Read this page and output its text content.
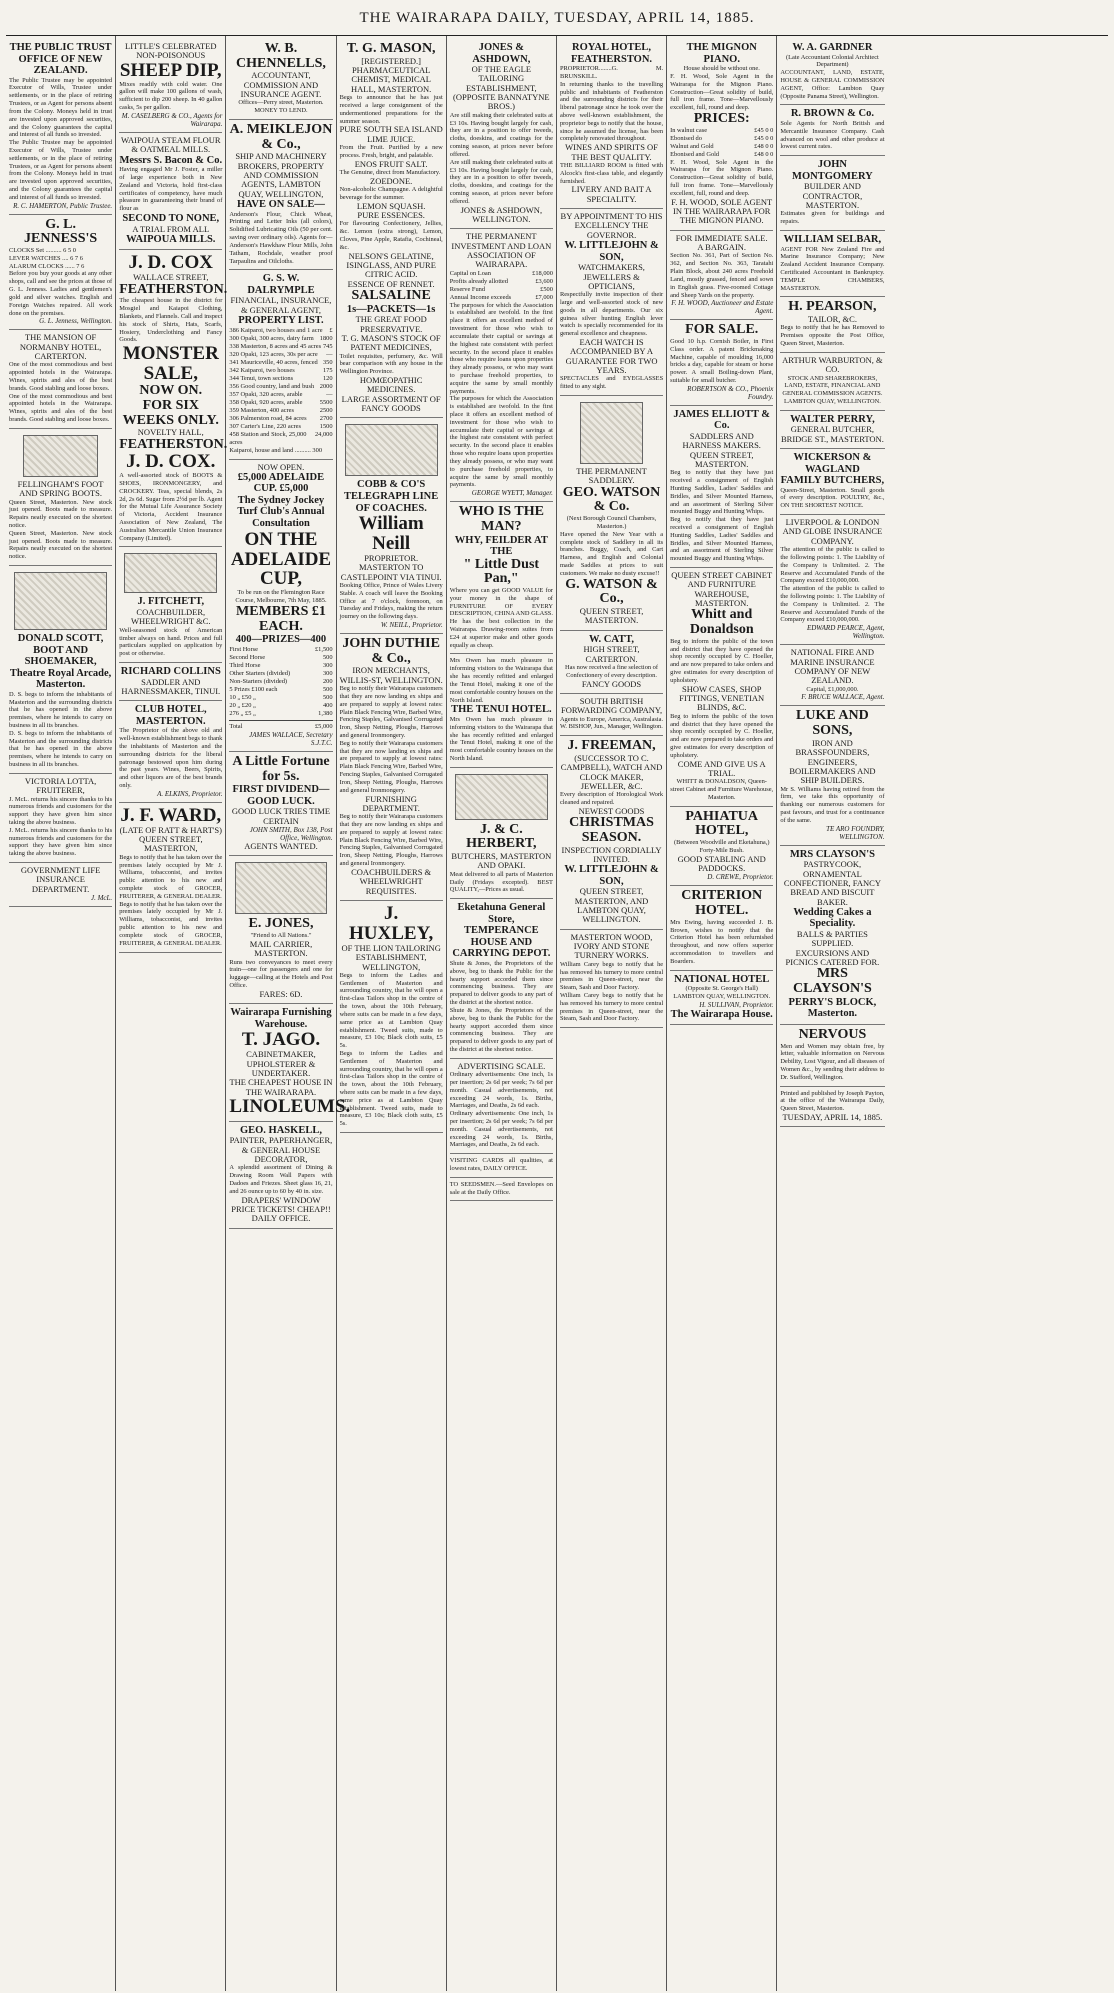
THE WAIRARAPA DAILY, TUESDAY, APRIL 14, 1885.
THE PUBLIC TRUST OFFICE OF NEW ZEALAND.
The Public Trustee may be appointed Executor of Wills, Trustee under settlements, or in the place of retiring Trustees, or as Agent for persons absent from the Colony. Moneys held in trust are invested upon approved securities, and the Colony guarantees the capital and interest of all funds so invested.
The Public Trustee may be appointed Executor of Wills, Trustee under settlements, or in the place of retiring Trustees, or as Agent for persons absent from the Colony. Moneys held in trust are invested upon approved securities, and the Colony guarantees the capital and interest of all funds so invested.
R. C. HAMERTON, Public Trustee.
G. L. JENNESS'S
CLOCKS Set .......... 6 5 0
LEVER WATCHES .... 6 7 6
ALARUM CLOCKS ...... 7 6
Before you buy your goods at any other shops, call and see the prices at those of G. L. Jenness. Ladies and gentlemen's gold and silver watches. English and Foreign Watches repaired. All work done on the premises.
G. L. Jenness, Wellington.
THE MANSION OF NORMANBY HOTEL, CARTERTON.
One of the most commodious and best appointed hotels in the Wairarapa. Wines, spirits and ales of the best brands. Good stabling and loose boxes.
One of the most commodious and best appointed hotels in the Wairarapa. Wines, spirits and ales of the best brands. Good stabling and loose boxes.
FELLINGHAM'S FOOT AND SPRING BOOTS.
Queen Street, Masterton. New stock just opened. Boots made to measure. Repairs neatly executed on the shortest notice.
Queen Street, Masterton. New stock just opened. Boots made to measure. Repairs neatly executed on the shortest notice.
DONALD SCOTT, BOOT AND SHOEMAKER,
Theatre Royal Arcade, Masterton.
D. S. begs to inform the inhabitants of Masterton and the surrounding districts that he has opened in the above premises, where he intends to carry on business in all its branches.
D. S. begs to inform the inhabitants of Masterton and the surrounding districts that he has opened in the above premises, where he intends to carry on business in all its branches.
VICTORIA LOTTA, FRUITERER,
J. McL. returns his sincere thanks to his numerous friends and customers for the support they have given him since taking the above business.
J. McL. returns his sincere thanks to his numerous friends and customers for the support they have given him since taking the above business.
GOVERNMENT LIFE INSURANCE DEPARTMENT.
J. McL.
LITTLE'S CELEBRATED NON-POISONOUS
SHEEP DIP,
Mixes readily with cold water. One gallon will make 100 gallons of wash, sufficient to dip 200 sheep. In 40 gallon casks, 5s per gallon.
M. CASELBERG & CO., Agents for Wairarapa.
WAIPOUA STEAM FLOUR & OATMEAL MILLS.
Messrs S. Bacon & Co.
Having engaged Mr J. Foster, a miller of large experience both in New Zealand and Victoria, hold first-class certificates of competency, have much pleasure in guaranteeing their brand of flour as
SECOND TO NONE,
A TRIAL FROM ALL
WAIPOUA MILLS.
J. D. COX
WALLACE STREET,
FEATHERSTON.
The cheapest house in the district for Mosgiel and Kaiapoi Clothing, Blankets, and Flannels. Call and inspect his stock of Shirts, Hats, Scarfs, Hosiery, Underclothing and Fancy Goods.
MONSTER SALE,
NOW ON.
FOR SIX WEEKS ONLY.
NOVELTY HALL,
FEATHERSTON.
J. D. COX.
A well-assorted stock of BOOTS & SHOES, IRONMONGERY, and CROCKERY. Teas, special blends, 2s 2d, 2s 6d. Sugar from 2½d per lb. Agent for the Mutual Life Assurance Society of Victoria, Accident Insurance Association of New Zealand, The Australian Mercantile Union Insurance Company (Limited).
J. FITCHETT,
COACHBUILDER, WHEELWRIGHT &C.
Well-seasoned stock of American timber always on hand. Prices and full particulars supplied on application by post or otherwise.
RICHARD COLLINS
SADDLER AND HARNESSMAKER, TINUI.
CLUB HOTEL, MASTERTON.
The Proprietor of the above old and well-known establishment begs to thank the inhabitants of Masterton and the surrounding districts for the liberal patronage bestowed upon him during the past years. Wines, Beers, Spirits, and other liquors are of the best brands only.
A. ELKINS, Proprietor.
J. F. WARD,
(LATE OF RATT & HART'S) QUEEN STREET, MASTERTON,
Begs to notify that he has taken over the premises lately occupied by Mr J. Williams, tobacconist, and invites public attention to his new and complete stock of GROCER, FRUITERER, & GENERAL DEALER.
Begs to notify that he has taken over the premises lately occupied by Mr J. Williams, tobacconist, and invites public attention to his new and complete stock of GROCER, FRUITERER, & GENERAL DEALER.
W. B. CHENNELLS,
ACCOUNTANT, COMMISSION AND INSURANCE AGENT.
Offices—Perry street, Masterton. MONEY TO LEND.
A. MEIKLEJON & Co.,
SHIP AND MACHINERY BROKERS, PROPERTY AND COMMISSION AGENTS, LAMBTON QUAY, WELLINGTON,
HAVE ON SALE—
Anderson's Flour, Chick Wheat, Printing and Letter Inks (all colors), Solidified Lubricating Oils (50 per cent. saving over ordinary oils). Agents for—Anderson's Hawkhaw Flour Mills, John Tatham, Rochdale, weather proof Tarpaulins and Oilcloths.
G. S. W. DALRYMPLE
FINANCIAL, INSURANCE, & GENERAL AGENT,
PROPERTY LIST.
386 Kaiparoi, two houses and 1 acre £
300 Opaki, 300 acres, dairy farm 1800
338 Masterton, 8 acres and 45 acres 745
320 Opaki, 123 acres, 30s per acre —
341 Mauriceville, 40 acres, fenced 350
342 Kaiparoi, two houses	175
344 Tenui, town sections	120
356 Good country, land and bush 2000
357 Opaki, 320 acres, arable	—
358 Opaki, 920 acres, arable	5500
359 Masterton, 400 acres	2500
306 Palmerston road, 84 acres 2700
307 Carter's Line, 220 acres	1500
458 Station and Stock, 25,000 acres
24,000
Kaiparoi, house and land .......... 300
NOW OPEN.
£5,000 ADELAIDE CUP. £5,000
The Sydney Jockey Turf Club's Annual Consultation
ON THE ADELAIDE CUP,
To be run on the Flemington Race Course, Melbourne, 7th May, 1885.
MEMBERS £1 EACH.
400—PRIZES—400
First Horse	£1,500
Second Horse	500
Third Horse	300
Other Starters (divided)	300
Non-Starters (divided)	200
5 Prizes £100 each	500
10 „ £50 „	500
20 „ £20 „	400
276 „ £5 „	1,380
Total	£5,000
JAMES WALLACE, Secretary S.J.T.C.
A Little Fortune for 5s.
FIRST DIVIDEND—
GOOD LUCK.
GOOD LUCK TRIES TIME CERTAIN
JOHN SMITH, Box 138, Post Office, Wellington.
AGENTS WANTED.
E. JONES,
"Friend to All Nations."
MAIL CARRIER, MASTERTON.
Runs two conveyances to meet every train—one for passengers and one for luggage—calling at the Hotels and Post Office.
FARES: 6D.
Wairarapa Furnishing Warehouse.
T. JAGO.
CABINETMAKER, UPHOLSTERER & UNDERTAKER.
THE CHEAPEST HOUSE IN THE WAIRARAPA.
LINOLEUMS.
GEO. HASKELL,
PAINTER, PAPERHANGER, & GENERAL HOUSE DECORATOR,
A splendid assortment of Dining & Drawing Room Wall Papers with Dadoes and Friezes. Sheet glass 16, 21, and 26 ounce up to 60 by 40 in. size.
DRAPERS' WINDOW PRICE TICKETS! CHEAP!! DAILY OFFICE.
T. G. MASON,
[REGISTERED.] PHARMACEUTICAL CHEMIST, MEDICAL HALL, MASTERTON.
Begs to announce that he has just received a large consignment of the undermentioned preparations for the summer season.
PURE SOUTH SEA ISLAND LIME JUICE.
From the Fruit. Purified by a new process. Fresh, bright, and palatable.
ENOS FRUIT SALT.
The Genuine, direct from Manufactory.
ZOEDONE.
Non-alcoholic Champagne. A delightful beverage for the summer.
LEMON SQUASH.
PURE ESSENCES.
For flavouring Confectionery, Jellies, &c. Lemon (extra strong), Lemon, Cloves, Pine Apple, Ratafia, Cochineal, &c.
NELSON'S GELATINE, ISINGLASS, AND PURE CITRIC ACID.
ESSENCE OF RENNET.
SALSALINE
1s—PACKETS—1s
THE GREAT FOOD PRESERVATIVE.
T. G. MASON'S STOCK OF PATENT MEDICINES,
Toilet requisites, perfumery, &c. Will bear comparison with any house in the Wellington Province.
HOMŒOPATHIC MEDICINES.
LARGE ASSORTMENT OF FANCY GOODS
COBB & CO'S TELEGRAPH LINE OF COACHES.
William Neill
PROPRIETOR.
MASTERTON TO CASTLEPOINT VIA TINUI.
Booking Office, Prince of Wales Livery Stable. A coach will leave the Booking Office at 7 o'clock, forenoon, on Tuesday and Fridays, making the return journey on the following days.
W. NEILL, Proprietor.
JOHN DUTHIE & Co.,
IRON MERCHANTS, WILLIS-ST, WELLINGTON.
Beg to notify their Wairarapa customers that they are now landing ex ships and are prepared to supply at lowest rates: Plain Black Fencing Wire, Barbed Wire, Fencing Staples, Galvanised Corrugated Iron, Sheep Netting, Ploughs, Harrows and general Ironmongery.
Beg to notify their Wairarapa customers that they are now landing ex ships and are prepared to supply at lowest rates: Plain Black Fencing Wire, Barbed Wire, Fencing Staples, Galvanised Corrugated Iron, Sheep Netting, Ploughs, Harrows and general Ironmongery.
FURNISHING DEPARTMENT.
Beg to notify their Wairarapa customers that they are now landing ex ships and are prepared to supply at lowest rates: Plain Black Fencing Wire, Barbed Wire, Fencing Staples, Galvanised Corrugated Iron, Sheep Netting, Ploughs, Harrows and general Ironmongery.
COACHBUILDERS & WHEELWRIGHT REQUISITES.
J. HUXLEY,
OF THE LION TAILORING ESTABLISHMENT, WELLINGTON,
Begs to inform the Ladies and Gentlemen of Masterton and surrounding country, that he will open a first-class Tailors shop in the centre of the town, about the 10th February, where suits can be made in a few days, same price as at Lambton Quay establishment. Tweed suits, made to measure, £3 10s; Black cloth suits, £5 5s.
Begs to inform the Ladies and Gentlemen of Masterton and surrounding country, that he will open a first-class Tailors shop in the centre of the town, about the 10th February, where suits can be made in a few days, same price as at Lambton Quay establishment. Tweed suits, made to measure, £3 10s; Black cloth suits, £5 5s.
JONES & ASHDOWN,
OF THE EAGLE TAILORING ESTABLISHMENT, (OPPOSITE BANNATYNE BROS.)
Are still making their celebrated suits at £3 10s. Having bought largely for cash, they are in a position to offer tweeds, cloths, doeskins, and coatings for the coming season, at prices never before offered.
Are still making their celebrated suits at £3 10s. Having bought largely for cash, they are in a position to offer tweeds, cloths, doeskins, and coatings for the coming season, at prices never before offered.
JONES & ASHDOWN, WELLINGTON.
THE PERMANENT INVESTMENT AND LOAN ASSOCIATION OF WAIRARAPA.
Capital on Loan	£18,000
Profits already allotted	£3,600
Reserve Fund	£500
Annual Income exceeds	£7,000
The purposes for which the Association is established are twofold. In the first place it offers an excellent method of investment for those who wish to accumulate their capital or savings at the highest rate consistent with perfect security. In the second place it enables those who require loans upon properties they already possess, or who may want to purchase freehold properties, to acquire the same by small monthly payments.
The purposes for which the Association is established are twofold. In the first place it offers an excellent method of investment for those who wish to accumulate their capital or savings at the highest rate consistent with perfect security. In the second place it enables those who require loans upon properties they already possess, or who may want to purchase freehold properties, to acquire the same by small monthly payments.
GEORGE WYETT, Manager.
WHO IS THE MAN?
WHY, FEILDER AT THE
" Little Dust Pan,"
Where you can get GOOD VALUE for your money in the shape of FURNITURE OF EVERY DESCRIPTION, CHINA AND GLASS. He has the best collection in the Wairarapa. Drawing-room suites from £24 at superior make and other goods equally as cheap.
Mrs Owen has much pleasure in informing visitors to the Wairarapa that she has recently refitted and enlarged the Tenui Hotel, making it one of the most comfortable country houses on the North Island.
THE TENUI HOTEL.
Mrs Owen has much pleasure in informing visitors to the Wairarapa that she has recently refitted and enlarged the Tenui Hotel, making it one of the most comfortable country houses on the North Island.
J. & C. HERBERT,
BUTCHERS, MASTERTON AND OPAKI.
Meat delivered to all parts of Masterton Daily (Fridays excepted). BEST QUALITY,—Prices as usual.
Eketahuna General Store, TEMPERANCE HOUSE AND CARRYING DEPOT.
Shute & Jones, the Proprietors of the above, beg to thank the Public for the hearty support accorded them since commencing business. They are prepared to deliver goods to any part of the district at the shortest notice.
Shute & Jones, the Proprietors of the above, beg to thank the Public for the hearty support accorded them since commencing business. They are prepared to deliver goods to any part of the district at the shortest notice.
ADVERTISING SCALE.
Ordinary advertisements: One inch, 1s per insertion; 2s 6d per week; 7s 6d per month. Casual advertisements, not exceeding 24 words, 1s. Births, Marriages, and Deaths, 2s 6d each.
Ordinary advertisements: One inch, 1s per insertion; 2s 6d per week; 7s 6d per month. Casual advertisements, not exceeding 24 words, 1s. Births, Marriages, and Deaths, 2s 6d each.
VISITING CARDS all qualities, at lowest rates, DAILY OFFICE.
TO SEEDSMEN.—Seed Envelopes on sale at the Daily Office.
ROYAL HOTEL, FEATHERSTON.
PROPRIETOR........G. M. BRUNSKILL.
In returning thanks to the travelling public and inhabitants of Featherston and the surrounding districts for their liberal patronage since he took over the above well-known establishment, the proprietor begs to notify that the house, since he assumed the license, has been completely renovated throughout.
WINES AND SPIRITS OF THE BEST QUALITY.
THE BILLIARD ROOM is fitted with Alcock's first-class table, and elegantly furnished.
LIVERY AND BAIT A SPECIALITY.
BY APPOINTMENT TO HIS EXCELLENCY THE GOVERNOR.
W. LITTLEJOHN & SON,
WATCHMAKERS, JEWELLERS & OPTICIANS,
Respectfully invite inspection of their large and well-assorted stock of new goods in all departments. Our six guinea silver hunting English lever watch is specially recommended for its general excellence and cheapness.
EACH WATCH IS ACCOMPANIED BY A GUARANTEE FOR TWO YEARS.
SPECTACLES and EYEGLASSES fitted to any sight.
THE PERMANENT SADDLERY.
GEO. WATSON & Co.
(Next Borough Council Chambers, Masterton.)
Have opened the New Year with a complete stock of Saddlery in all its branches. Buggy, Coach, and Cart Harness, and English and Colonial made Saddles at prices to suit customers. We make no dusty excuse!!
G. WATSON & Co.,
QUEEN STREET, MASTERTON.
W. CATT,
HIGH STREET, CARTERTON.
Has now received a fine selection of Confectionery of every description.
FANCY GOODS
SOUTH BRITISH FORWARDING COMPANY,
Agents to Europe, America, Australasia. W. BISHOP, Jun., Manager, Wellington.
J. FREEMAN,
(SUCCESSOR TO C. CAMPBELL), WATCH AND CLOCK MAKER, JEWELLER, &C.
Every description of Horological Work cleaned and repaired.
NEWEST GOODS
CHRISTMAS SEASON.
INSPECTION CORDIALLY INVITED.
W. LITTLEJOHN & SON,
QUEEN STREET, MASTERTON, AND LAMBTON QUAY, WELLINGTON.
MASTERTON WOOD, IVORY AND STONE TURNERY WORKS.
William Carey begs to notify that he has removed his turnery to more central premises in Queen-street, near the Steam, Sash and Door Factory.
William Carey begs to notify that he has removed his turnery to more central premises in Queen-street, near the Steam, Sash and Door Factory.
THE MIGNON PIANO.
House should be without one.
F. H. Wood, Sole Agent in the Wairarapa for the Mignon Piano. Construction—Great solidity of build, full iron frame. Tone—Marvellously excellent, full, round and deep.
PRICES:
In walnut case	£45 0 0
Ebonised do	£45 0 0
Walnut and Gold	£48 0 0
Ebonised and Gold	£48 0 0
F. H. Wood, Sole Agent in the Wairarapa for the Mignon Piano. Construction—Great solidity of build, full iron frame. Tone—Marvellously excellent, full, round and deep.
F. H. WOOD, SOLE AGENT IN THE WAIRARAPA FOR THE MIGNON PIANO.
FOR IMMEDIATE SALE.
A BARGAIN.
Section No. 361, Part of Section No. 362, and Section No. 363, Taratahi Plain Block, about 240 acres Freehold Land, mostly grassed, fenced and sown in English grass. Five-roomed Cottage and Sheep Yards on the property.
F. H. WOOD, Auctioneer and Estate Agent.
FOR SALE.
Good 10 h.p. Cornish Boiler, in First Class order. A patent Brickmaking Machine, capable of moulding 16,000 bricks a day, capable for steam or horse power. A small Boiling-down Plant, suitable for small butcher.
ROBERTSON & CO., Phoenix Foundry.
JAMES ELLIOTT & Co.
SADDLERS AND HARNESS MAKERS.
QUEEN STREET, MASTERTON.
Beg to notify that they have just received a consignment of English Hunting Saddles, Ladies' Saddles and Bridles, and Silver Mounted Harness, and an assortment of Sterling Silver mounted Buggy and Hunting Whips.
Beg to notify that they have just received a consignment of English Hunting Saddles, Ladies' Saddles and Bridles, and Silver Mounted Harness, and an assortment of Sterling Silver mounted Buggy and Hunting Whips.
QUEEN STREET CABINET AND FURNITURE WAREHOUSE, MASTERTON.
Whitt and Donaldson
Beg to inform the public of the town and district that they have opened the shop recently occupied by C. Hoeller, and are now prepared to take orders and give estimates for every description of upholstery.
SHOW CASES, SHOP FITTINGS, VENETIAN BLINDS, &C.
Beg to inform the public of the town and district that they have opened the shop recently occupied by C. Hoeller, and are now prepared to take orders and give estimates for every description of upholstery.
COME AND GIVE US A TRIAL.
WHITT & DONALDSON, Queen-street Cabinet and Furniture Warehouse, Masterton.
PAHIATUA HOTEL,
(Between Woodville and Eketahuna,) Forty-Mile Bush.
GOOD STABLING AND PADDOCKS.
D. CREWE, Proprietor.
CRITERION HOTEL.
Mrs Ewing, having succeeded J. B. Brown, wishes to notify that the Criterion Hotel has been refurnished throughout, and now offers superior accommodation to travellers and Boarders.
NATIONAL HOTEL
(Opposite St. George's Hall) LAMBTON QUAY, WELLINGTON.
H. SULLIVAN, Proprietor.
The Wairarapa House.
W. A. GARDNER
(Late Accountant Colonial Architect Department)
ACCOUNTANT, LAND, ESTATE, HOUSE & GENERAL COMMISSION AGENT, Office: Lambton Quay (Opposite Panama Street), Wellington.
R. BROWN & Co.
Sole Agents for North British and Mercantile Insurance Company. Cash advanced on wool and other produce at lowest current rates.
JOHN MONTGOMERY
BUILDER AND CONTRACTOR, MASTERTON.
Estimates given for buildings and repairs.
WILLIAM SELBAR,
AGENT FOR New Zealand Fire and Marine Insurance Company; New Zealand Accident Insurance Company. Certificated Accountant in Bankruptcy. TEMPLE CHAMBERS, MASTERTON.
H. PEARSON,
TAILOR, &C.
Begs to notify that he has Removed to Premises opposite the Post Office, Queen Street, Masterton.
ARTHUR WARBURTON, & CO.
STOCK AND SHAREBROKERS, LAND, ESTATE, FINANCIAL AND GENERAL COMMISSION AGENTS. LAMBTON QUAY, WELLINGTON.
WALTER PERRY,
GENERAL BUTCHER, BRIDGE ST., MASTERTON.
WICKERSON & WAGLAND
FAMILY BUTCHERS,
Queen-Street, Masterton. Small goods of every description. POULTRY, &c., ON THE SHORTEST NOTICE.
LIVERPOOL & LONDON AND GLOBE INSURANCE COMPANY.
The attention of the public is called to the following points: 1. The Liability of the Company is Unlimited. 2. The Reserve and Accumulated Funds of the Company exceed £10,000,000.
The attention of the public is called to the following points: 1. The Liability of the Company is Unlimited. 2. The Reserve and Accumulated Funds of the Company exceed £10,000,000.
EDWARD PEARCE, Agent, Wellington.
NATIONAL FIRE AND MARINE INSURANCE COMPANY OF NEW ZEALAND.
Capital, £1,000,000.
F. BRUCE WALLACE, Agent.
LUKE AND SONS,
IRON AND BRASSFOUNDERS, ENGINEERS, BOILERMAKERS AND SHIP BUILDERS.
Mr S. Williams having retired from the firm, we take this opportunity of thanking our numerous customers for past favours, and trust for a continuance of the same.
TE ARO FOUNDRY, WELLINGTON.
MRS CLAYSON'S
PASTRYCOOK, ORNAMENTAL CONFECTIONER, FANCY BREAD AND BISCUIT BAKER.
Wedding Cakes a Speciality.
BALLS & PARTIES SUPPLIED.
EXCURSIONS AND PICNICS CATERED FOR.
MRS CLAYSON'S
PERRY'S BLOCK, Masterton.
NERVOUS
Men and Women may obtain free, by letter, valuable information on Nervous Debility, Lost Vigour, and all diseases of Women &c., by sending their address to Dr. Stafford, Wellington.
Printed and published by Joseph Payton, at the office of the Wairarapa Daily, Queen Street, Masterton.
TUESDAY, APRIL 14, 1885.
